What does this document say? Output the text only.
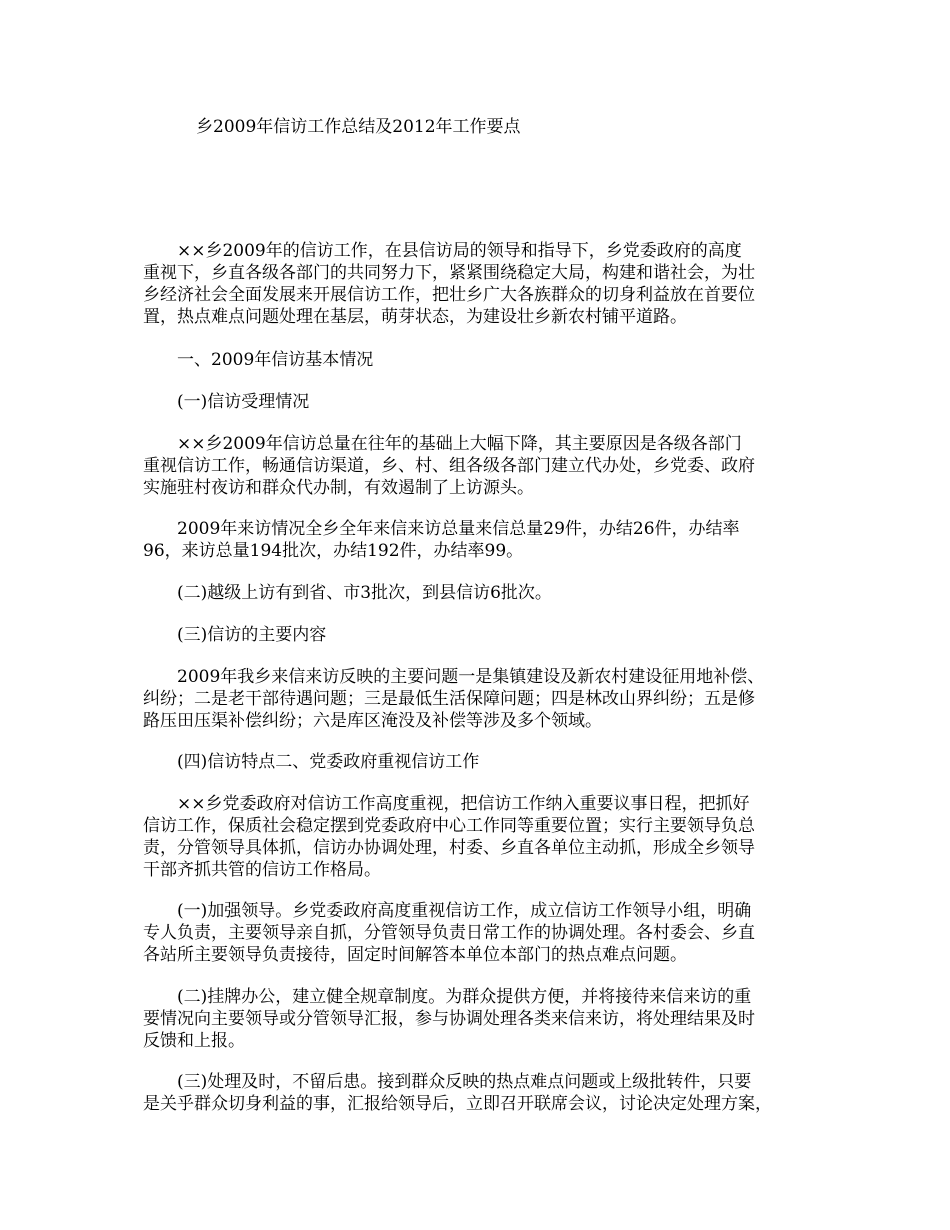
乡2009年信访工作总结及2012年工作要点
　　××乡2009年的信访工作，在县信访局的领导和指导下，乡党委政府的高度
重视下，乡直各级各部门的共同努力下，紧紧围绕稳定大局，构建和谐社会，为壮
乡经济社会全面发展来开展信访工作，把壮乡广大各族群众的切身利益放在首要位
置，热点难点问题处理在基层，萌芽状态，为建设壮乡新农村铺平道路。
　　一、2009年信访基本情况
　　(一)信访受理情况
　　××乡2009年信访总量在往年的基础上大幅下降，其主要原因是各级各部门
重视信访工作，畅通信访渠道，乡、村、组各级各部门建立代办处，乡党委、政府
实施驻村夜访和群众代办制，有效遏制了上访源头。
　　2009年来访情况全乡全年来信来访总量来信总量29件，办结26件，办结率
96，来访总量194批次，办结192件，办结率99。
　　(二)越级上访有到省、市3批次，到县信访6批次。
　　(三)信访的主要内容
　　2009年我乡来信来访反映的主要问题一是集镇建设及新农村建设征用地补偿、
纠纷；二是老干部待遇问题；三是最低生活保障问题；四是林改山界纠纷；五是修
路压田压渠补偿纠纷；六是库区淹没及补偿等涉及多个领域。
　　(四)信访特点二、党委政府重视信访工作
　　××乡党委政府对信访工作高度重视，把信访工作纳入重要议事日程，把抓好
信访工作，保质社会稳定摆到党委政府中心工作同等重要位置；实行主要领导负总
责，分管领导具体抓，信访办协调处理，村委、乡直各单位主动抓，形成全乡领导
干部齐抓共管的信访工作格局。
　　(一)加强领导。乡党委政府高度重视信访工作，成立信访工作领导小组，明确
专人负责，主要领导亲自抓，分管领导负责日常工作的协调处理。各村委会、乡直
各站所主要领导负责接待，固定时间解答本单位本部门的热点难点问题。
　　(二)挂牌办公，建立健全规章制度。为群众提供方便，并将接待来信来访的重
要情况向主要领导或分管领导汇报，参与协调处理各类来信来访，将处理结果及时
反馈和上报。
　　(三)处理及时，不留后患。接到群众反映的热点难点问题或上级批转件，只要
是关乎群众切身利益的事，汇报给领导后，立即召开联席会议，讨论决定处理方案，
